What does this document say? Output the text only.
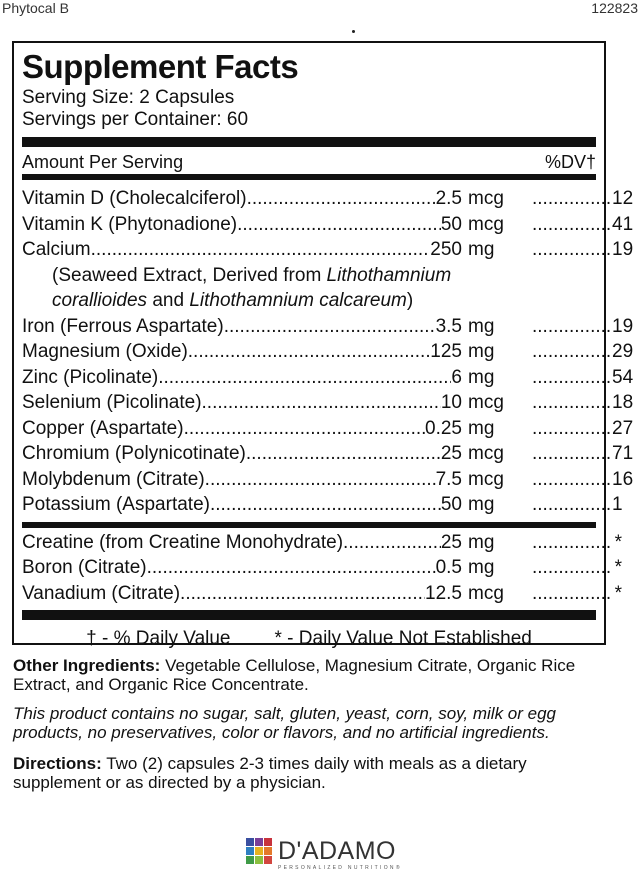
Phytocal B	122823
Supplement Facts
Serving Size: 2 Capsules
Servings per Container: 60
Amount Per Serving	%DV†
Vitamin D (Cholecalciferol) .....	2.5 mcg .....	12
Vitamin K (Phytonadione) .....	50 mcg .....	41
Calcium .....	250 mg .....	19
(Seaweed Extract, Derived from Lithothamnium
corallioides and Lithothamnium calcareum)
Iron (Ferrous Aspartate) .....	3.5 mg .....	19
Magnesium (Oxide) .....	125 mg .....	29
Zinc (Picolinate) .....	6 mg .....	54
Selenium (Picolinate) .....	10 mcg .....	18
Copper (Aspartate) .....	0.25 mg .....	27
Chromium (Polynicotinate) .....	25 mcg .....	71
Molybdenum (Citrate) .....	7.5 mcg .....	16
Potassium (Aspartate) .....	50 mg .....	1
Creatine (from Creatine Monohydrate) .....	25 mg .....	*
Boron (Citrate) .....	0.5 mg .....	*
Vanadium (Citrate) .....	12.5 mcg .....	*
† - % Daily Value * - Daily Value Not Established
Other Ingredients: Vegetable Cellulose, Magnesium Citrate, Organic Rice Extract, and Organic Rice Concentrate.
This product contains no sugar, salt, gluten, yeast, corn, soy, milk or egg products, no preservatives, color or flavors, and no artificial ingredients.
Directions: Two (2) capsules 2-3 times daily with meals as a dietary supplement or as directed by a physician.
D'ADAMO
PERSONALIZED NUTRITION®
